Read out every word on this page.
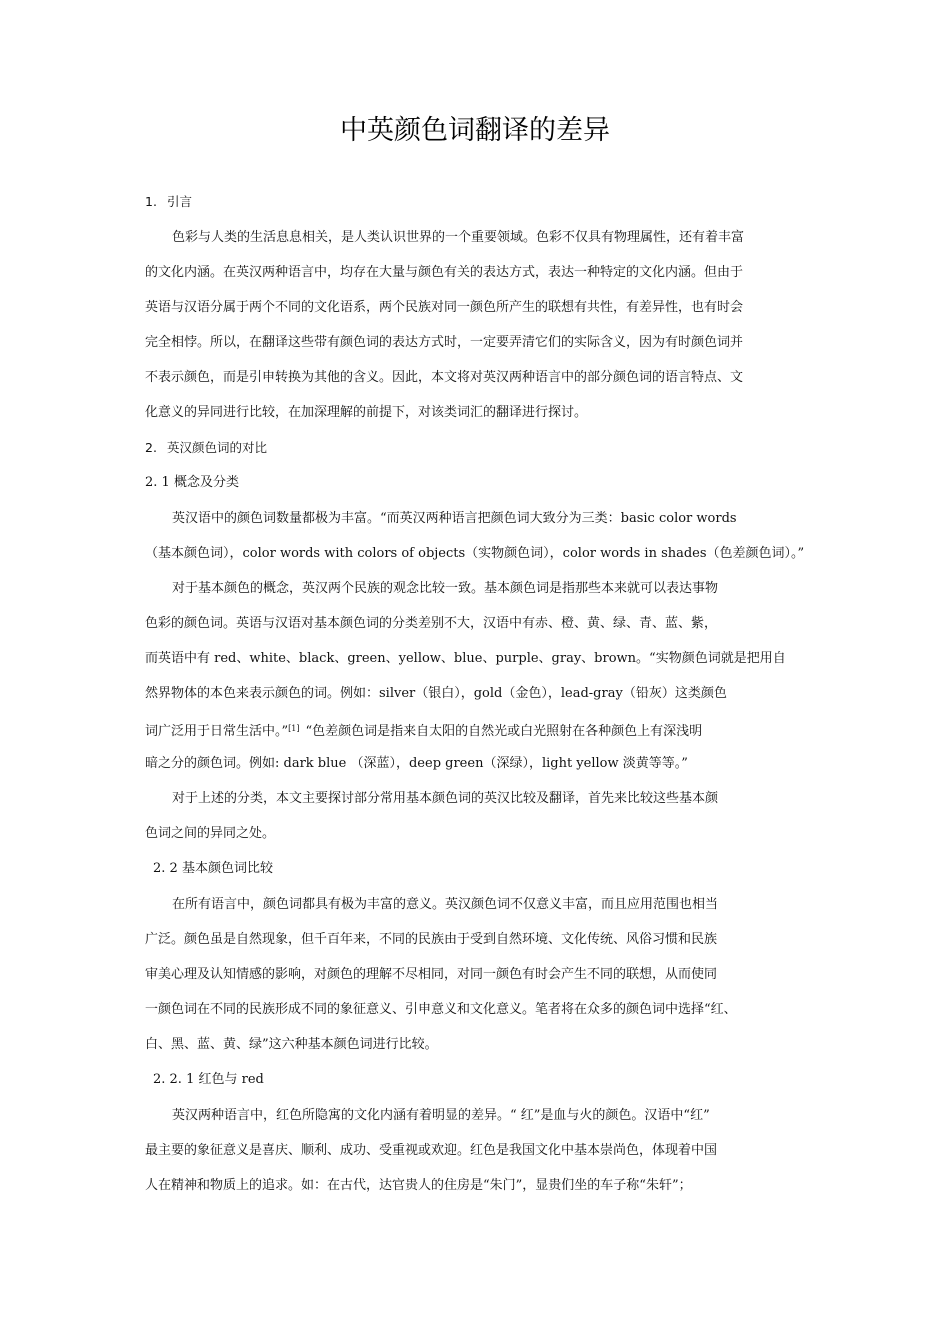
中英颜色词翻译的差异
1. 引言
色彩与人类的生活息息相关，是人类认识世界的一个重要领域。色彩不仅具有物理属性，还有着丰富
的文化内涵。在英汉两种语言中，均存在大量与颜色有关的表达方式，表达一种特定的文化内涵。但由于
英语与汉语分属于两个不同的文化语系，两个民族对同一颜色所产生的联想有共性，有差异性，也有时会
完全相悖。所以，在翻译这些带有颜色词的表达方式时，一定要弄清它们的实际含义，因为有时颜色词并
不表示颜色，而是引申转换为其他的含义。因此，本文将对英汉两种语言中的部分颜色词的语言特点、文
化意义的异同进行比较，在加深理解的前提下，对该类词汇的翻译进行探讨。
2. 英汉颜色词的对比
2. 1 概念及分类
英汉语中的颜色词数量都极为丰富。“而英汉两种语言把颜色词大致分为三类：basic color words
（基本颜色词），color words with colors of objects（实物颜色词），color words in shades（色差颜色词）。”
对于基本颜色的概念，英汉两个民族的观念比较一致。基本颜色词是指那些本来就可以表达事物
色彩的颜色词。英语与汉语对基本颜色词的分类差别不大，汉语中有赤、橙、黄、绿、青、蓝、紫，
而英语中有 red、white、black、green、yellow、blue、purple、gray、brown。“实物颜色词就是把用自
然界物体的本色来表示颜色的词。例如：silver（银白），gold（金色），lead-gray（铅灰）这类颜色
词广泛用于日常生活中。”[1] “色差颜色词是指来自太阳的自然光或白光照射在各种颜色上有深浅明
暗之分的颜色词。例如: dark blue （深蓝），deep green（深绿），light yellow 淡黄等等。”
对于上述的分类，本文主要探讨部分常用基本颜色词的英汉比较及翻译，首先来比较这些基本颜
色词之间的异同之处。
2. 2 基本颜色词比较
在所有语言中，颜色词都具有极为丰富的意义。英汉颜色词不仅意义丰富，而且应用范围也相当
广泛。颜色虽是自然现象，但千百年来，不同的民族由于受到自然环境、文化传统、风俗习惯和民族
审美心理及认知情感的影响，对颜色的理解不尽相同，对同一颜色有时会产生不同的联想，从而使同
一颜色词在不同的民族形成不同的象征意义、引申意义和文化意义。笔者将在众多的颜色词中选择“红、
白、黑、蓝、黄、绿”这六种基本颜色词进行比较。
2. 2. 1 红色与 red
英汉两种语言中，红色所隐寓的文化内涵有着明显的差异。“ 红”是血与火的颜色。汉语中“红”
最主要的象征意义是喜庆、顺利、成功、受重视或欢迎。红色是我国文化中基本崇尚色，体现着中国
人在精神和物质上的追求。如：在古代，达官贵人的住房是“朱门”，显贵们坐的车子称“朱轩”；
